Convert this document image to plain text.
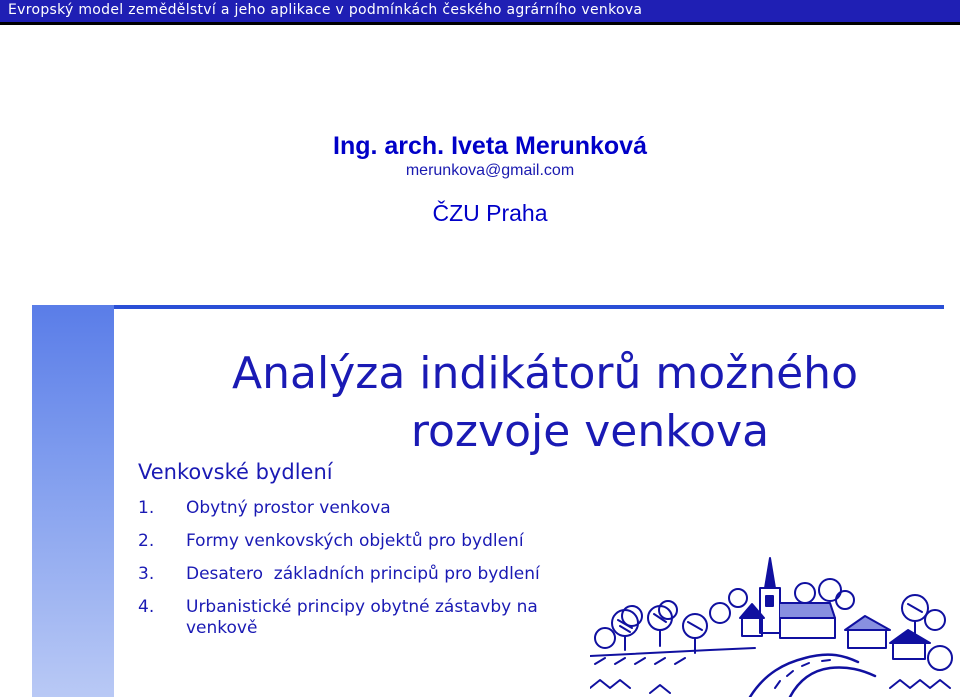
Evropský model zemědělství a jeho aplikace v podmínkách českého agrárního venkova
Ing. arch. Iveta Merunková
merunkova@gmail.com
ČZU Praha
Analýza indikátorů možného
rozvoje venkova
Venkovské bydlení
1. Obytný prostor venkova
2. Formy venkovských objektů pro bydlení
3. Desatero  základních principů pro bydlení
4. Urbanistické principy obytné zástavby na venkově
